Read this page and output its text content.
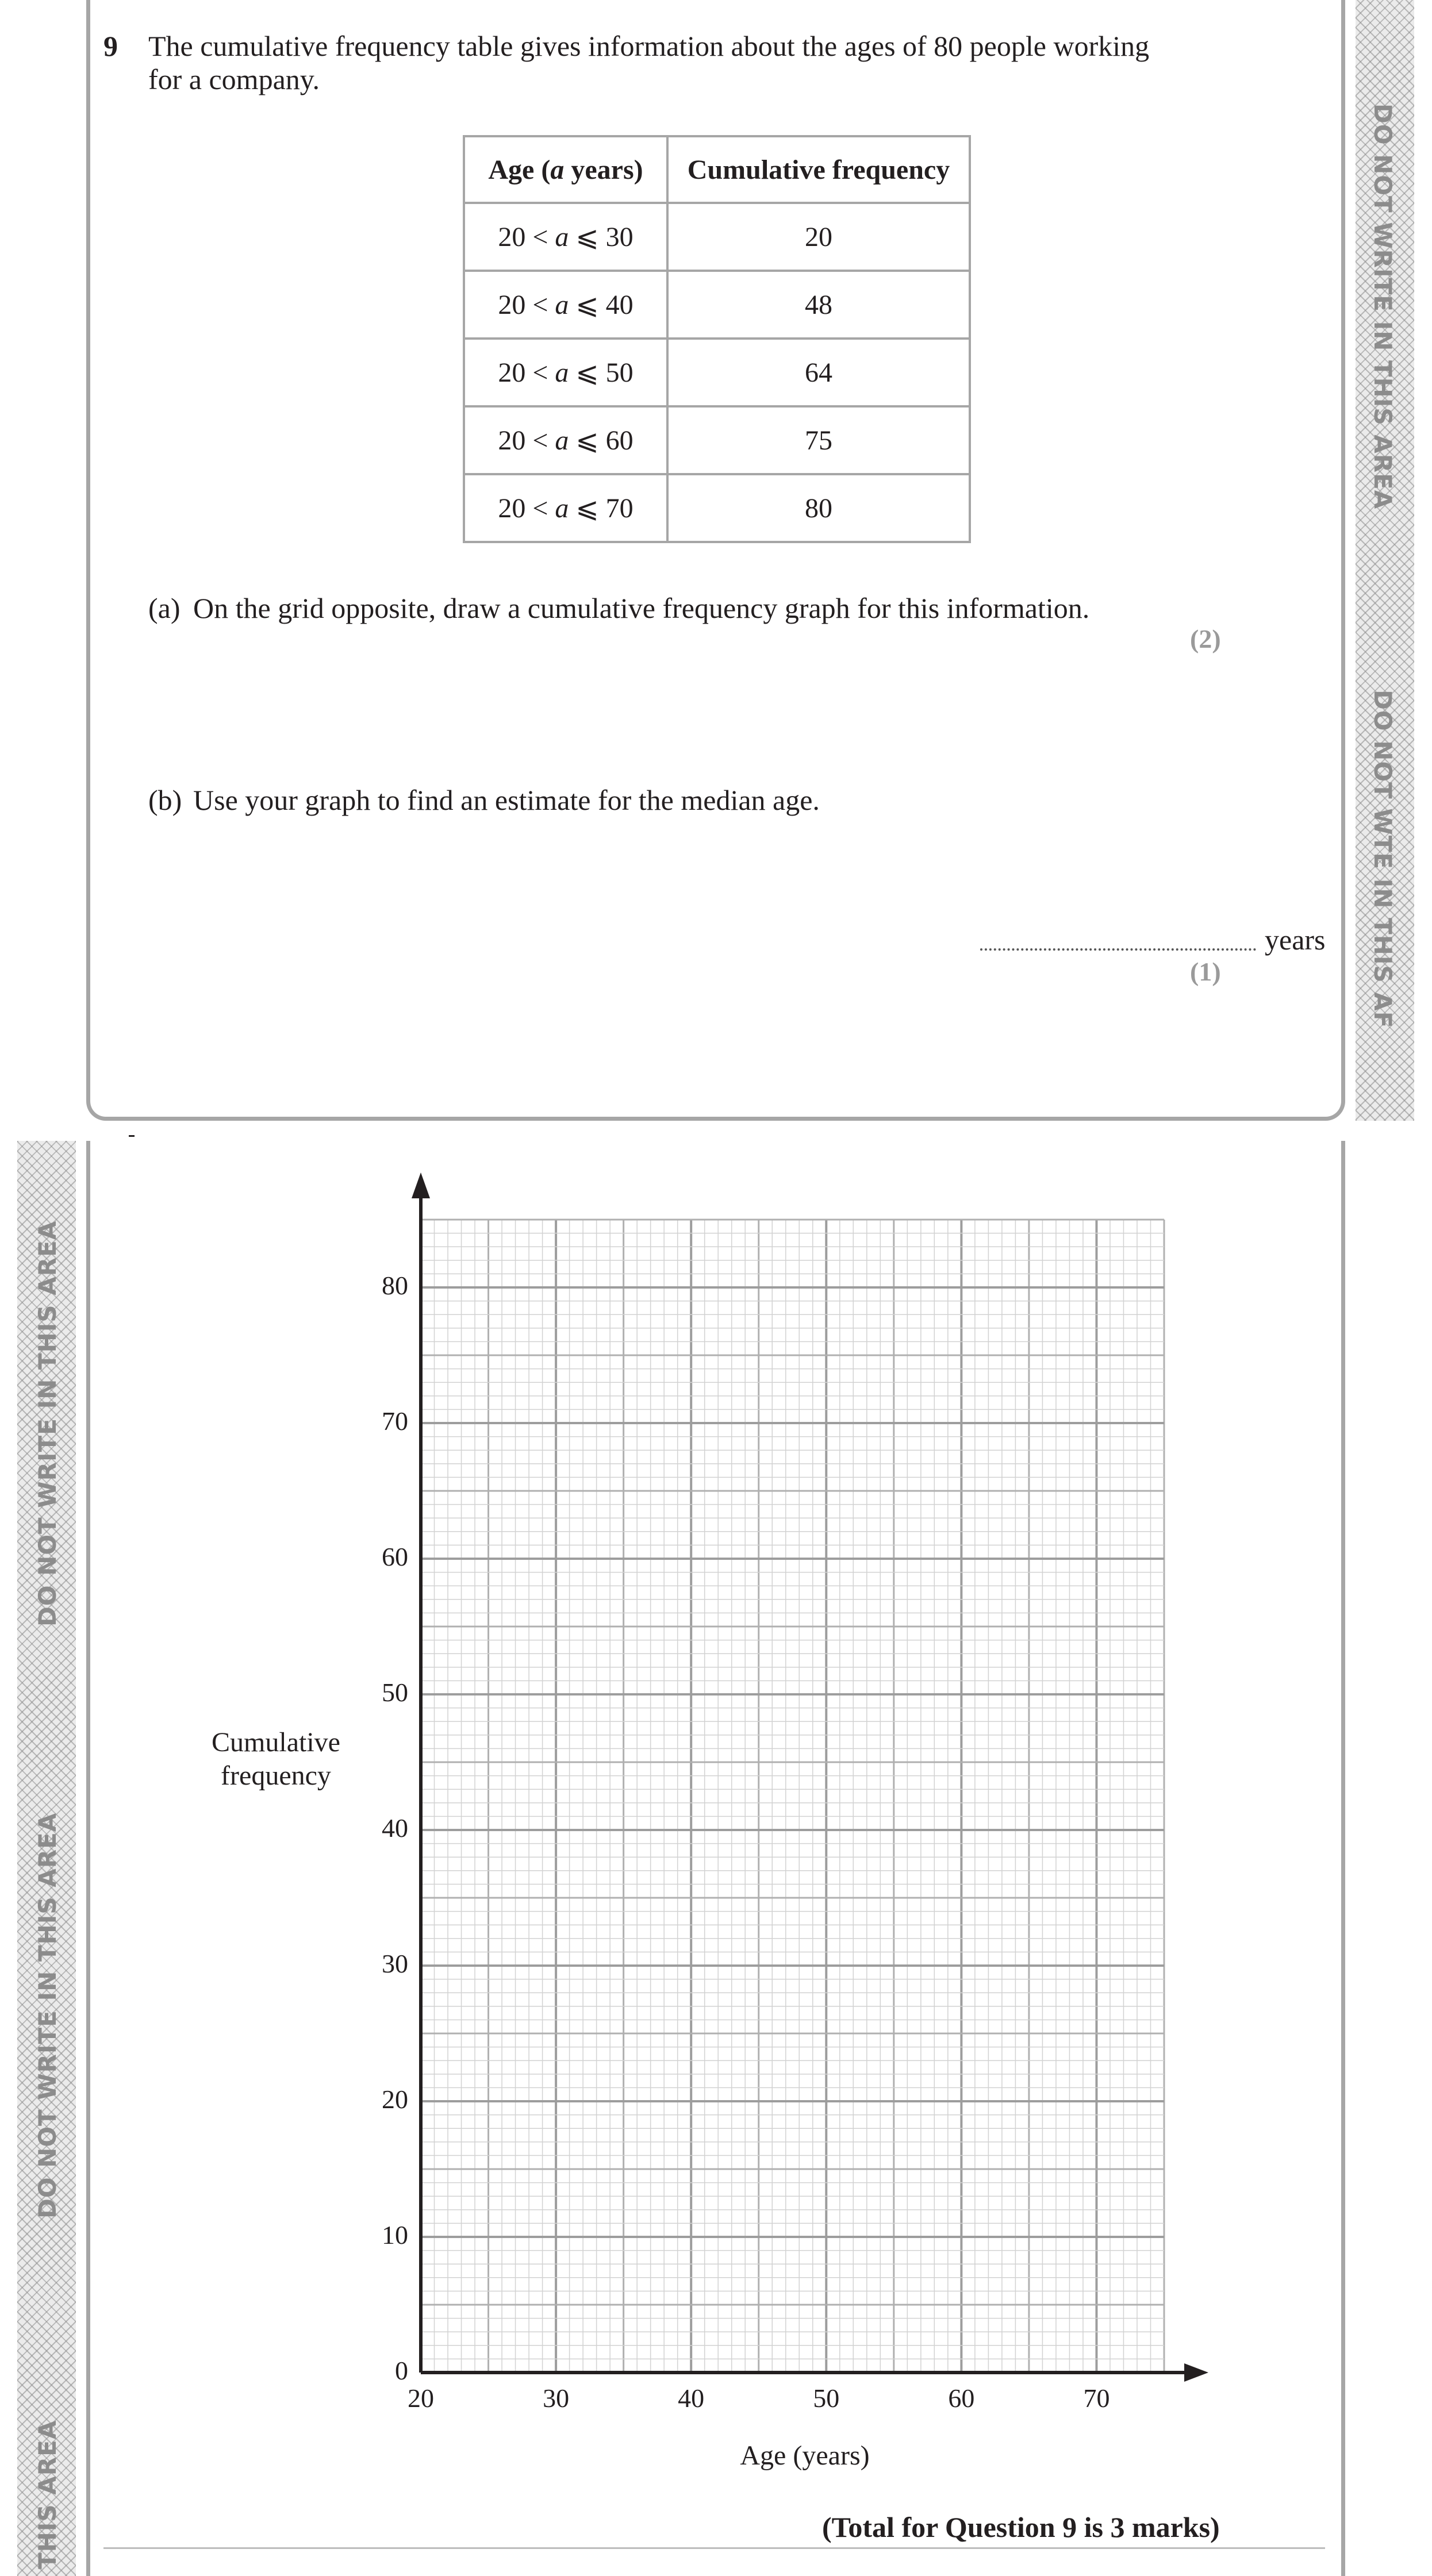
DO NOT WRITE IN THIS AREA
DO NOT WTE IN THIS AF
DO NOT WRITE IN THIS AREA
DO NOT WRITE IN THIS AREA
THIS AREA
9 The cumulative frequency table gives information about the ages of 80 people working
for a company.
Age (a years)	Cumulative frequency
20 < a ⩽ 30	20
20 < a ⩽ 40	48
20 < a ⩽ 50	64
20 < a ⩽ 60	75
20 < a ⩽ 70	80
(a) On the grid opposite, draw a cumulative frequency graph for this information.
(2)
(b) Use your graph to find an estimate for the median age.
years
(1)
Cumulative frequency
Age (years)
0
10
20
30
40
50
60
70
80
20	30	40	50	60	70
(Total for Question 9 is 3 marks)
